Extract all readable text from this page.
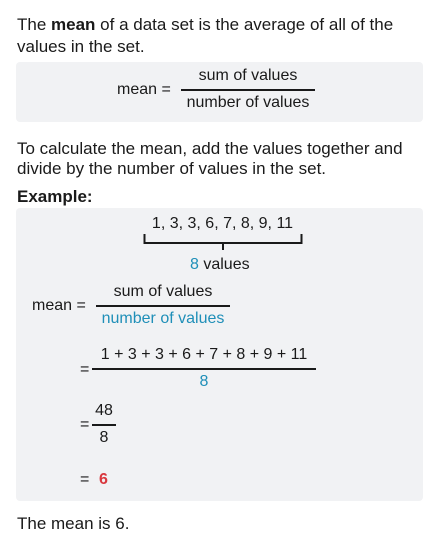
The mean of a data set is the average of all of the
values in the set.
mean =
sum of values
number of values
To calculate the mean, add the values together and
divide by the number of values in the set.
Example:
1, 3, 3, 6, 7, 8, 9, 11
8 values
mean =
sum of values
number of values
=
1 + 3 + 3 + 6 + 7 + 8 + 9 + 11
8
=
48
8
= 6
The mean is 6.
